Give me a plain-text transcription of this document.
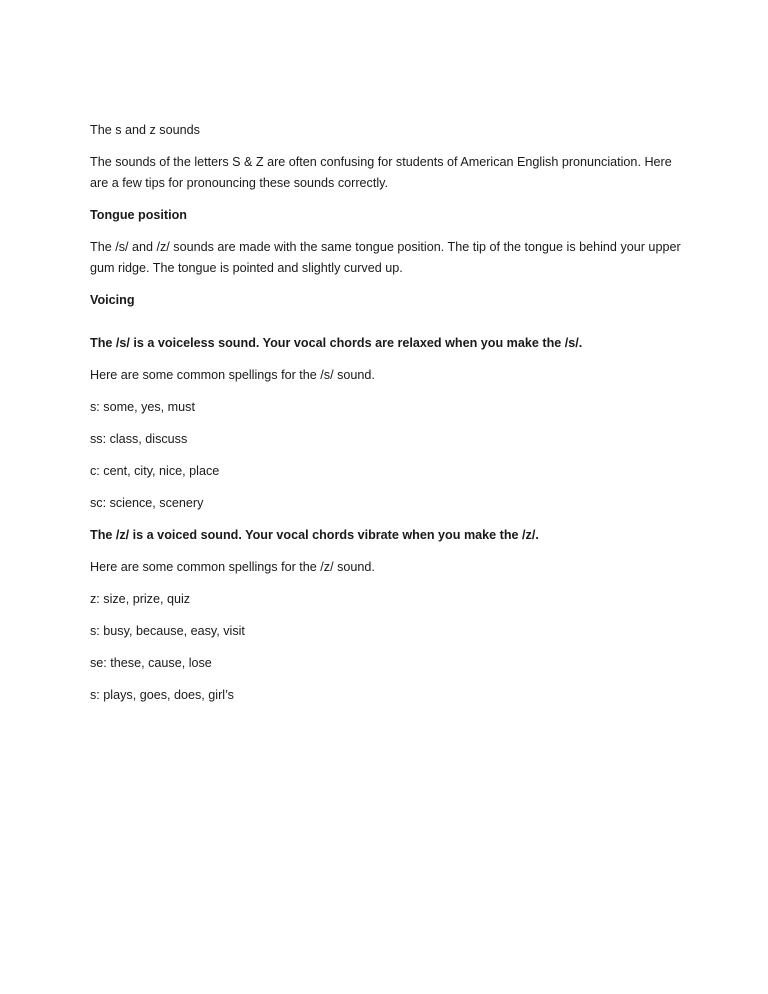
The s and z sounds

The sounds of the letters S & Z are often confusing for students of American English pronunciation. Here are a few tips for pronouncing these sounds correctly.

Tongue position

The /s/ and /z/ sounds are made with the same tongue position. The tip of the tongue is behind your upper gum ridge. The tongue is pointed and slightly curved up.

Voicing

The /s/ is a voiceless sound. Your vocal chords are relaxed when you make the /s/.

Here are some common spellings for the /s/ sound.

s: some, yes, must

ss: class, discuss

c: cent, city, nice, place

sc: science, scenery

The /z/ is a voiced sound. Your vocal chords vibrate when you make the /z/.

Here are some common spellings for the /z/ sound.

z: size, prize, quiz

s: busy, because, easy, visit

se: these, cause, lose

s: plays, goes, does, girl’s
